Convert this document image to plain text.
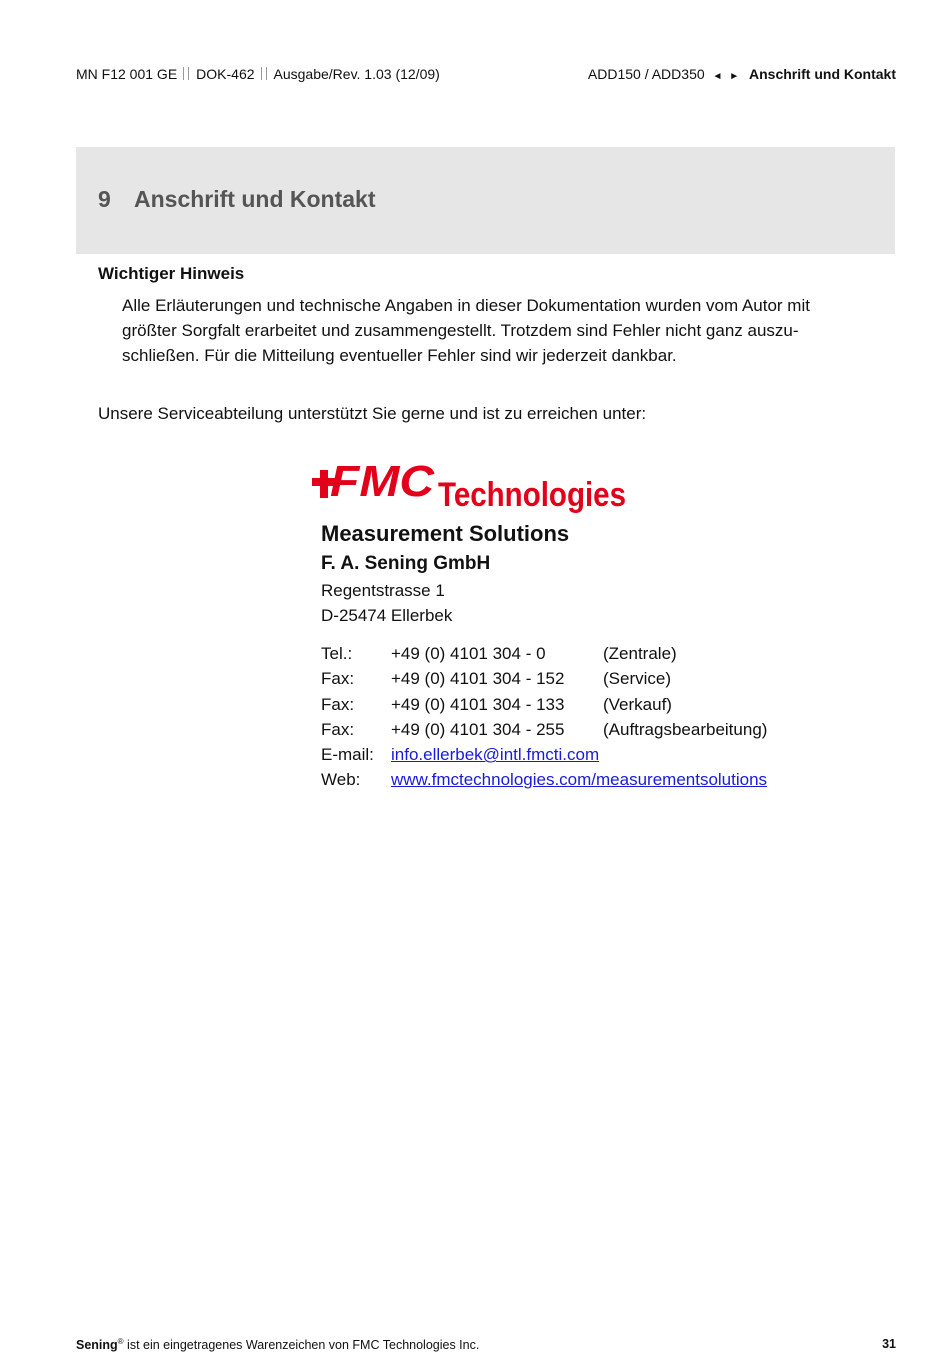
MN F12 001 GE DOK-462 Ausgabe/Rev. 1.03 (12/09)	ADD150 / ADD350 ◄ ► Anschrift und Kontakt
9 Anschrift und Kontakt
Wichtiger Hinweis
Alle Erläuterungen und technische Angaben in dieser Dokumentation wurden vom Autor mit
größter Sorgfalt erarbeitet und zusammengestellt. Trotzdem sind Fehler nicht ganz auszu-
schließen. Für die Mitteilung eventueller Fehler sind wir jederzeit dankbar.
Unsere Serviceabteilung unterstützt Sie gerne und ist zu erreichen unter:
FMC Technologies
Measurement Solutions
F. A. Sening GmbH
Regentstrasse 1
D-25474 Ellerbek
Tel.: +49 (0) 4101 304 - 0	(Zentrale)
Fax: +49 (0) 4101 304 - 152 (Service)
Fax: +49 (0) 4101 304 - 133 (Verkauf)
Fax: +49 (0) 4101 304 - 255 (Auftragsbearbeitung)
E-mail: info.ellerbek@intl.fmcti.com
Web: www.fmctechnologies.com/measurementsolutions
Sening® ist ein eingetragenes Warenzeichen von FMC Technologies Inc.	31
